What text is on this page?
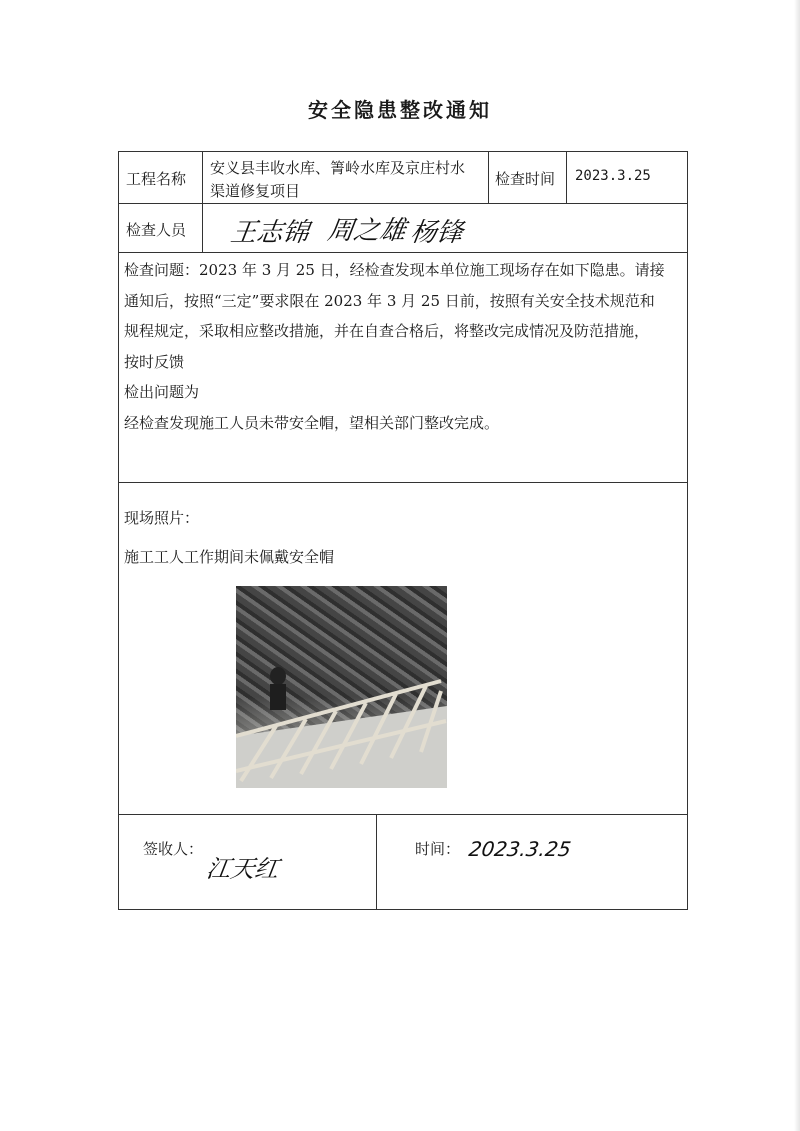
安全隐患整改通知
工程名称
安义县丰收水库、箐岭水库及京庄村水
渠道修复项目
检查时间 2023.3.25
检查人员 王志锦 周之雄 杨锋
检查问题：2023 年 3 月 25 日，经检查发现本单位施工现场存在如下隐患。请接
通知后，按照“三定”要求限在 2023 年 3 月 25 日前，按照有关安全技术规范和
规程规定，采取相应整改措施，并在自查合格后，将整改完成情况及防范措施，
按时反馈
检出问题为
经检查发现施工人员未带安全帽，望相关部门整改完成。
现场照片：
施工工人工作期间未佩戴安全帽
签收人：
江天红
时间： 2023.3.25
